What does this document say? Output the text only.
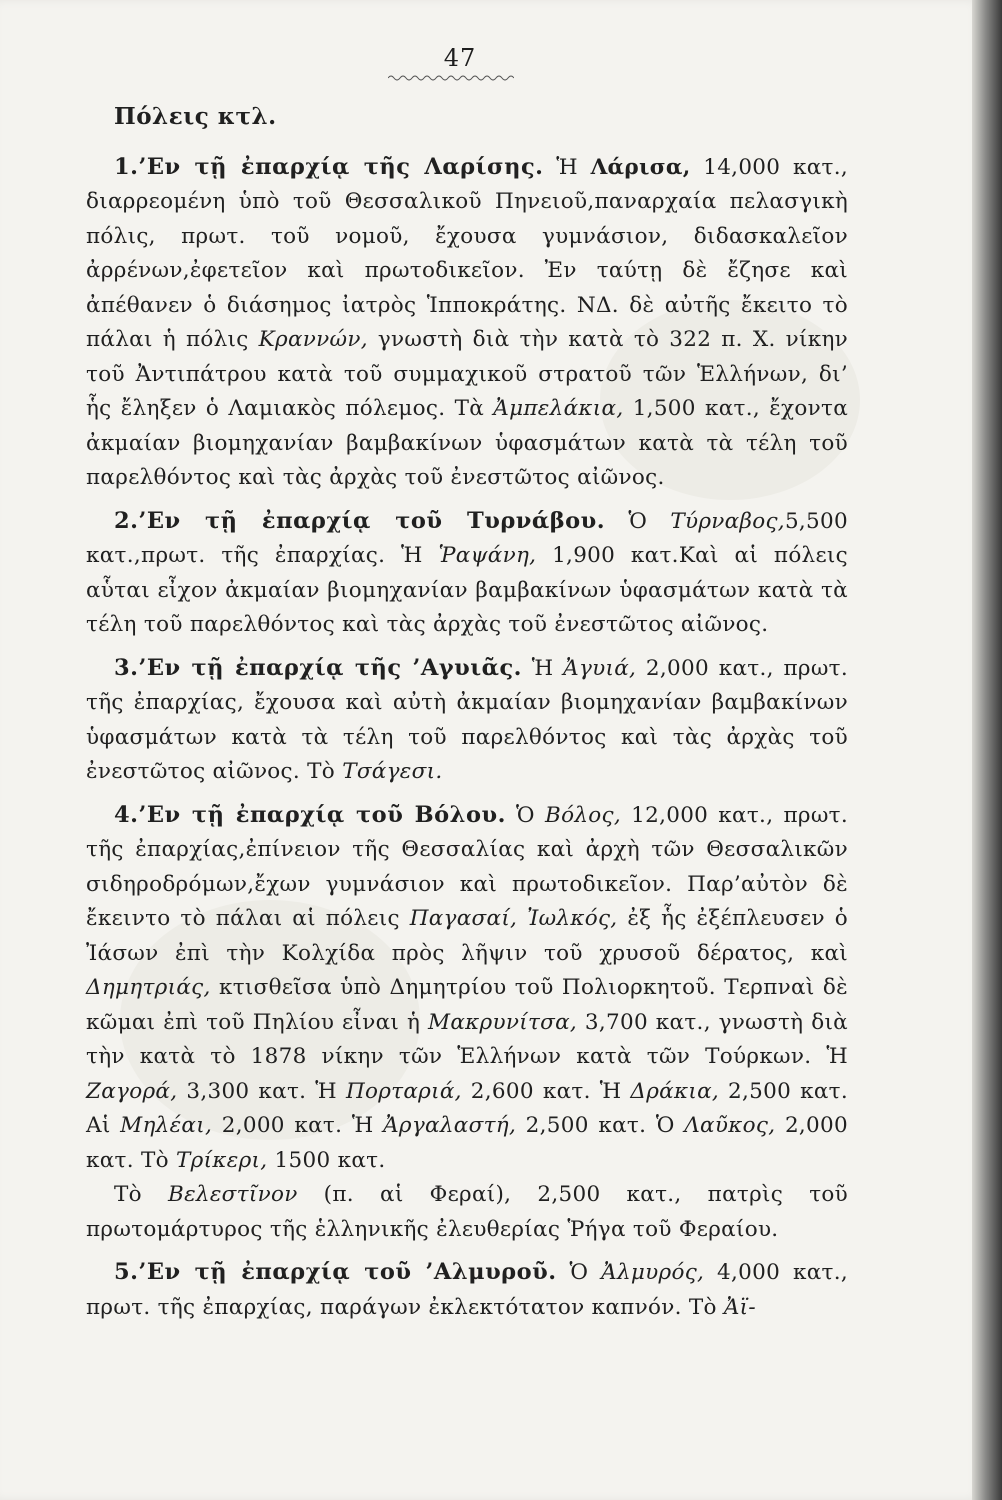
47
Πόλεις κτλ.

1.’Εν τῇ ἐπαρχίᾳ τῆς Λαρίσης. Ἡ Λάρισα, 14,000 κατ., διαρρεομένη ὑπὸ τοῦ Θεσσαλικοῦ Πηνειοῦ,παναρχαία πελασγικὴ πόλις, πρωτ. τοῦ νομοῦ, ἔχουσα γυμνάσιον, διδασκαλεῖον ἀρρένων,ἐφετεῖον καὶ πρωτοδικεῖον. Ἐν ταύτῃ δὲ ἔζησε καὶ ἀπέθανεν ὁ διάσημος ἰατρὸς Ἱπποκράτης. ΝΔ. δὲ αὐτῆς ἔκειτο τὸ πάλαι ἡ πόλις Κραννών, γνωστὴ διὰ τὴν κατὰ τὸ 322 π. Χ. νίκην τοῦ Ἀντιπάτρου κατὰ τοῦ συμμαχικοῦ στρατοῦ τῶν Ἑλλήνων, δι’ ἧς ἔληξεν ὁ Λαμιακὸς πόλεμος. Τὰ Ἀμπελάκια, 1,500 κατ., ἔχοντα ἀκμαίαν βιομηχανίαν βαμβακίνων ὑφασμάτων κατὰ τὰ τέλη τοῦ παρελθόντος καὶ τὰς ἀρχὰς τοῦ ἐνεστῶτος αἰῶνος.

2.’Εν τῇ ἐπαρχίᾳ τοῦ Τυρνάβου. Ὁ Τύρναβος,5,500 κατ.,πρωτ. τῆς ἐπαρχίας. Ἡ Ῥαψάνη, 1,900 κατ.Καὶ αἱ πόλεις αὗται εἶχον ἀκμαίαν βιομηχανίαν βαμβακίνων ὑφασμάτων κατὰ τὰ τέλη τοῦ παρελθόντος καὶ τὰς ἀρχὰς τοῦ ἐνεστῶτος αἰῶνος.

3.’Εν τῇ ἐπαρχίᾳ τῆς ’Αγυιᾶς. Ἡ Ἀγυιά, 2,000 κατ., πρωτ. τῆς ἐπαρχίας, ἔχουσα καὶ αὐτὴ ἀκμαίαν βιομηχανίαν βαμβακίνων ὑφασμάτων κατὰ τὰ τέλη τοῦ παρελθόντος καὶ τὰς ἀρχὰς τοῦ ἐνεστῶτος αἰῶνος. Τὸ Τσάγεσι.

4.’Εν τῇ ἐπαρχίᾳ τοῦ Βόλου. Ὁ Βόλος, 12,000 κατ., πρωτ. τῆς ἐπαρχίας,ἐπίνειον τῆς Θεσσαλίας καὶ ἀρχὴ τῶν Θεσσαλικῶν σιδηροδρόμων,ἔχων γυμνάσιον καὶ πρωτοδικεῖον. Παρ’αὐτὸν δὲ ἔκειντο τὸ πάλαι αἱ πόλεις Παγασαί, Ἰωλκός, ἐξ ἧς ἐξέπλευσεν ὁ Ἰάσων ἐπὶ τὴν Κολχίδα πρὸς λῆψιν τοῦ χρυσοῦ δέρατος, καὶ Δημητριάς, κτισθεῖσα ὑπὸ Δημητρίου τοῦ Πολιορκητοῦ. Τερπναὶ δὲ κῶμαι ἐπὶ τοῦ Πηλίου εἶναι ἡ Μακρυνίτσα, 3,700 κατ., γνωστὴ διὰ τὴν κατὰ τὸ 1878 νίκην τῶν Ἑλλήνων κατὰ τῶν Τούρκων. Ἡ Ζαγορά, 3,300 κατ. Ἡ Πορταριά, 2,600 κατ. Ἡ Δράκια, 2,500 κατ. Αἱ Μηλέαι, 2,000 κατ. Ἡ Ἀργαλαστή, 2,500 κατ. Ὁ Λαῦκος, 2,000 κατ. Τὸ Τρίκερι, 1500 κατ.

Τὸ Βελεστῖνον (π. αἱ Φεραί), 2,500 κατ., πατρὶς τοῦ πρωτομάρτυρος τῆς ἑλληνικῆς ἐλευθερίας Ῥήγα τοῦ Φεραίου.

5.’Εν τῇ ἐπαρχίᾳ τοῦ ’Αλμυροῦ. Ὁ Ἀλμυρός, 4,000 κατ., πρωτ. τῆς ἐπαρχίας, παράγων ἐκλεκτότατον καπνόν. Τὸ Ἀϊ-
